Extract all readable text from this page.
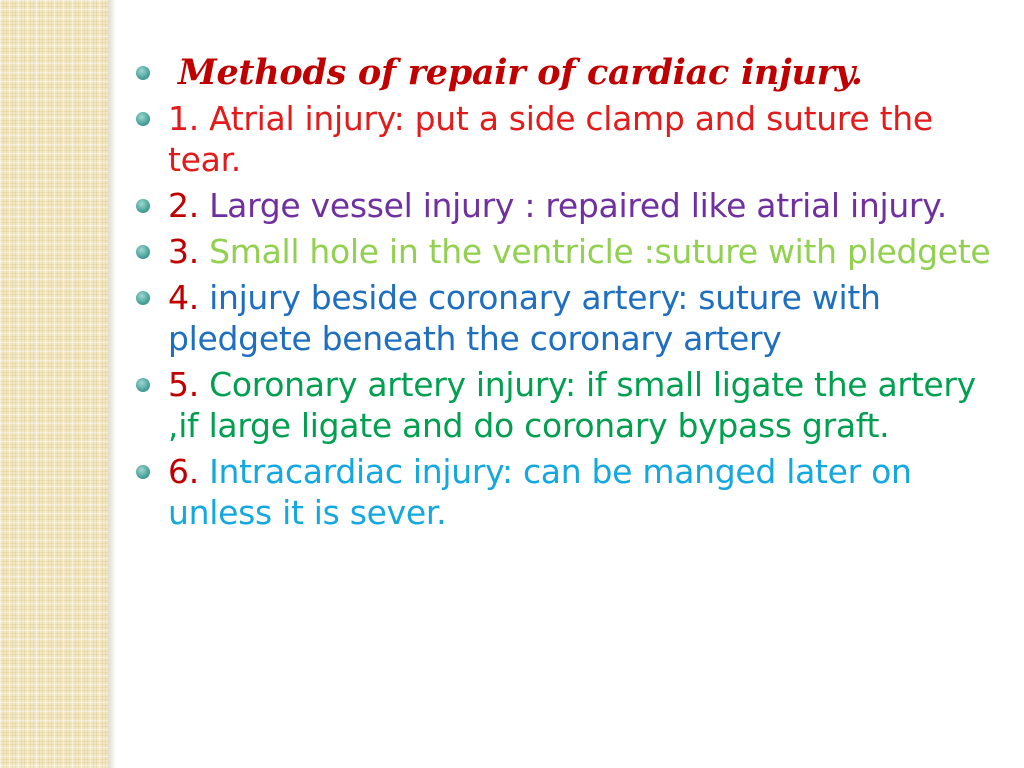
Methods of repair of cardiac injury.
1. Atrial injury: put a side clamp and suture the tear.
2. Large vessel injury : repaired like atrial injury.
3. Small hole in the ventricle :suture with pledgete
4. injury beside coronary artery: suture with pledgete beneath the coronary artery
5. Coronary artery injury: if small ligate the artery ,if large ligate and do coronary bypass graft.
6. Intracardiac injury: can be manged later on unless it is sever.
